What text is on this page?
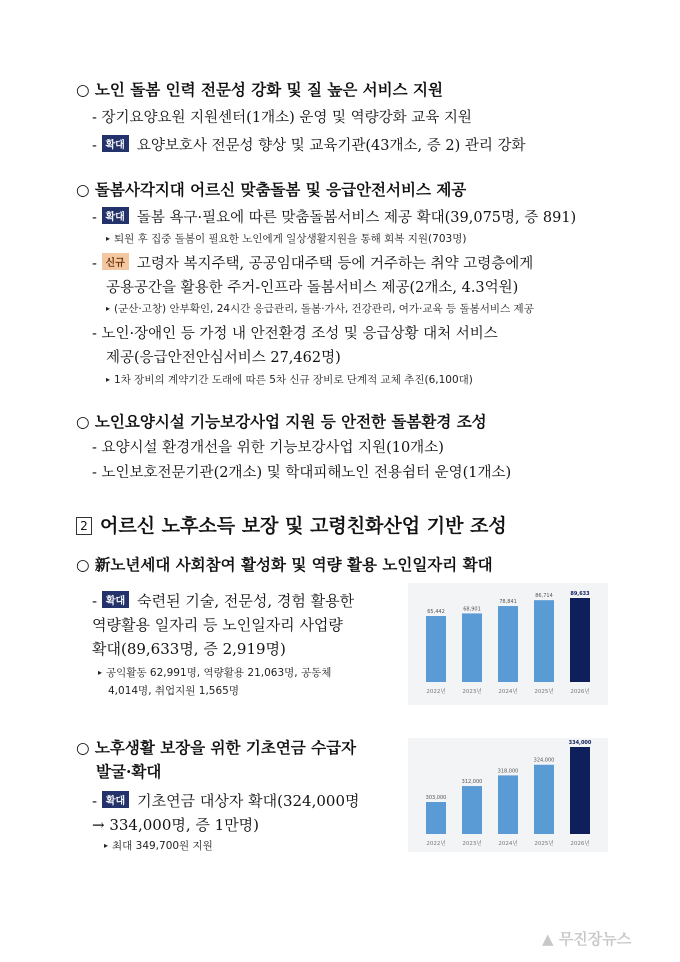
○ 노인 돌봄 인력 전문성 강화 및 질 높은 서비스 지원
- 장기요양요원 지원센터(1개소) 운영 및 역량강화 교육 지원
- 확대 요양보호사 전문성 향상 및 교육기관(43개소, 증 2) 관리 강화
○ 돌봄사각지대 어르신 맞춤돌봄 및 응급안전서비스 제공
- 확대 돌봄 욕구·필요에 따른 맞춤돌봄서비스 제공 확대(39,075명, 증 891)
▸ 퇴원 후 집중 돌봄이 필요한 노인에게 일상생활지원을 통해 회복 지원(703명)
- 신규 고령자 복지주택, 공공임대주택 등에 거주하는 취약 고령층에게
공용공간을 활용한 주거-인프라 돌봄서비스 제공(2개소, 4.3억원)
▸ (군산·고창) 안부확인, 24시간 응급관리, 돌봄·가사, 건강관리, 여가·교육 등 돌봄서비스 제공
- 노인·장애인 등 가정 내 안전환경 조성 및 응급상황 대처 서비스
제공(응급안전안심서비스 27,462명)
▸ 1차 장비의 계약기간 도래에 따른 5차 신규 장비로 단계적 교체 추진(6,100대)
○ 노인요양시설 기능보강사업 지원 등 안전한 돌봄환경 조성
- 요양시설 환경개선을 위한 기능보강사업 지원(10개소)
- 노인보호전문기관(2개소) 및 학대피해노인 전용쉼터 운영(1개소)
2 어르신 노후소득 보장 및 고령친화산업 기반 조성
○ 新노년세대 사회참여 활성화 및 역량 활용 노인일자리 확대
- 확대 숙련된 기술, 전문성, 경험 활용한
역량활용 일자리 등 노인일자리 사업량
확대(89,633명, 증 2,919명)
▸ 공익활동 62,991명, 역량활용 21,063명, 공동체
4,014명, 취업지원 1,565명
65,442
2022년
68,901
2023년
78,841
2024년
86,714
2025년
89,633
2026년
○ 노후생활 보장을 위한 기초연금 수급자
발굴·확대
- 확대 기초연금 대상자 확대(324,000명
→ 334,000명, 증 1만명)
▸ 최대 349,700원 지원
303,000
2022년
312,000
2023년
318,000
2024년
324,000
2025년
334,000
2026년
▲ 무진장뉴스
